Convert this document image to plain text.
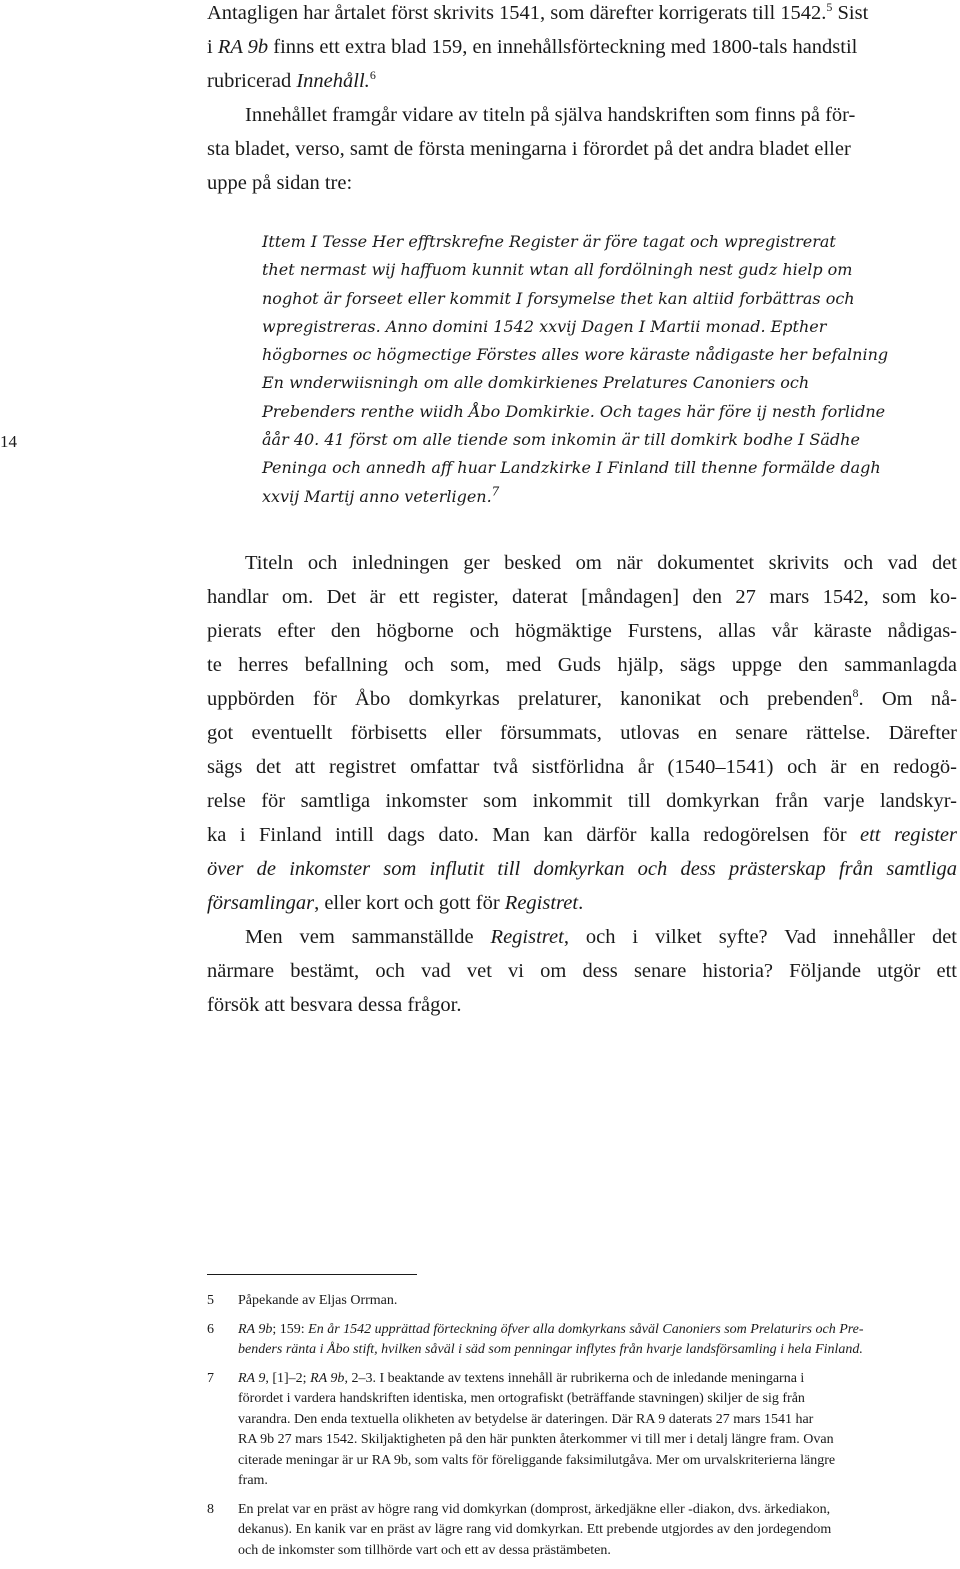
Antagligen har årtalet först skrivits 1541, som därefter korrigerats till 1542.$^5$ Sist
i RA 9b finns ett extra blad 159, en innehållsförteckning med 1800-tals handstil
rubricerad Innehåll.$^6$
Innehållet framgår vidare av titeln på själva handskriften som finns på för-
sta bladet, verso, samt de första meningarna i förordet på det andra bladet eller
uppe på sidan tre:
Ittem I Tesse Her efftrskrefne Register är före tagat och wpregistrerat
thet nermast wij haffuom kunnit wtan all fordölningh nest gudz hielp om
noghot är forseet eller kommit I forsymelse thet kan altiid forbättras och
wpregistreras. Anno domini 1542 xxvij Dagen I Martii monad. Epther
högbornes oc högmectige Förstes alles wore käraste nådigaste her befalning
En wnderwiisningh om alle domkirkienes Prelatures Canoniers och
Prebenders renthe wiidh Åbo Domkirkie. Och tages här före ij nesth forlidne
åår 40. 41 först om alle tiende som inkomin är till domkirk bodhe I Sädhe
Peninga och annedh aff huar Landzkirke I Finland till thenne formälde dagh
xxvij Martij anno veterligen.$^7$
14
Titeln och inledningen ger besked om när dokumentet skrivits och vad det
handlar om. Det är ett register, daterat [måndagen] den 27 mars 1542, som ko-
pierats efter den högborne och högmäktige Furstens, allas vår käraste nådigas-
te herres befallning och som, med Guds hjälp, sägs uppge den sammanlagda
uppbörden för Åbo domkyrkas prelaturer, kanonikat och prebenden$^8$. Om nå-
got eventuellt förbisetts eller försummats, utlovas en senare rättelse. Därefter
sägs det att registret omfattar två sistförlidna år (1540–1541) och är en redogö-
relse för samtliga inkomster som inkommit till domkyrkan från varje landskyr-
ka i Finland intill dags dato. Man kan därför kalla redogörelsen för ett register
över de inkomster som influtit till domkyrkan och dess prästerskap från samtliga
församlingar, eller kort och gott för Registret.
Men vem sammanställde Registret, och i vilket syfte? Vad innehåller det
närmare bestämt, och vad vet vi om dess senare historia? Följande utgör ett
försök att besvara dessa frågor.
5 Påpekande av Eljas Orrman.
6 RA 9b; 159: En år 1542 upprättad förteckning öfver alla domkyrkans såväl Canoniers som Prelaturirs och Pre-
benders ränta i Åbo stift, hvilken såväl i säd som penningar inflytes från hvarje landsförsamling i hela Finland.
7 RA 9, [1]–2; RA 9b, 2–3. I beaktande av textens innehåll är rubrikerna och de inledande meningarna i
förordet i vardera handskriften identiska, men ortografiskt (beträffande stavningen) skiljer de sig från
varandra. Den enda textuella olikheten av betydelse är dateringen. Där RA 9 daterats 27 mars 1541 har
RA 9b 27 mars 1542. Skiljaktigheten på den här punkten återkommer vi till mer i detalj längre fram. Ovan
citerade meningar är ur RA 9b, som valts för föreliggande faksimilutgåva. Mer om urvalskriterierna längre
fram.
8 En prelat var en präst av högre rang vid domkyrkan (domprost, ärkedjäkne eller -diakon, dvs. ärkediakon,
dekanus). En kanik var en präst av lägre rang vid domkyrkan. Ett prebende utgjordes av den jordegendom
och de inkomster som tillhörde vart och ett av dessa prästämbeten.
